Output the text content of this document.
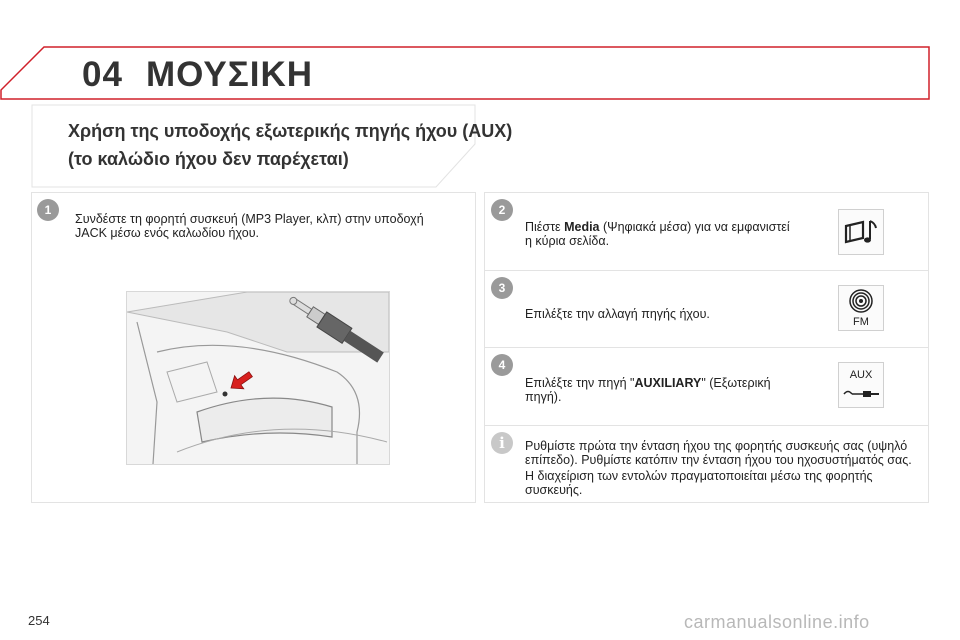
04 ΜΟΥΣΙΚΗ
Χρήση της υποδοχής εξωτερικής πηγής ήχου (AUX)
(το καλώδιο ήχου δεν παρέχεται)
1
Συνδέστε τη φορητή συσκευή (MP3 Player, κλπ) στην υποδοχή
JACK μέσω ενός καλωδίου ήχου.
2
Πιέστε Media (Ψηφιακά μέσα) για να εμφανιστεί
η κύρια σελίδα.
3
Επιλέξτε την αλλαγή πηγής ήχου.
FM
4
Επιλέξτε την πηγή "AUXILIARY" (Εξωτερική
πηγή).
AUX
i	Ρυθμίστε πρώτα την ένταση ήχου της φορητής συσκευής σας (υψηλό
επίπεδο). Ρυθμίστε κατόπιν την ένταση ήχου του ηχοσυστήματός σας.
Η διαχείριση των εντολών πραγματοποιείται μέσω της φορητής
συσκευής.
254	carmanualsonline.info
